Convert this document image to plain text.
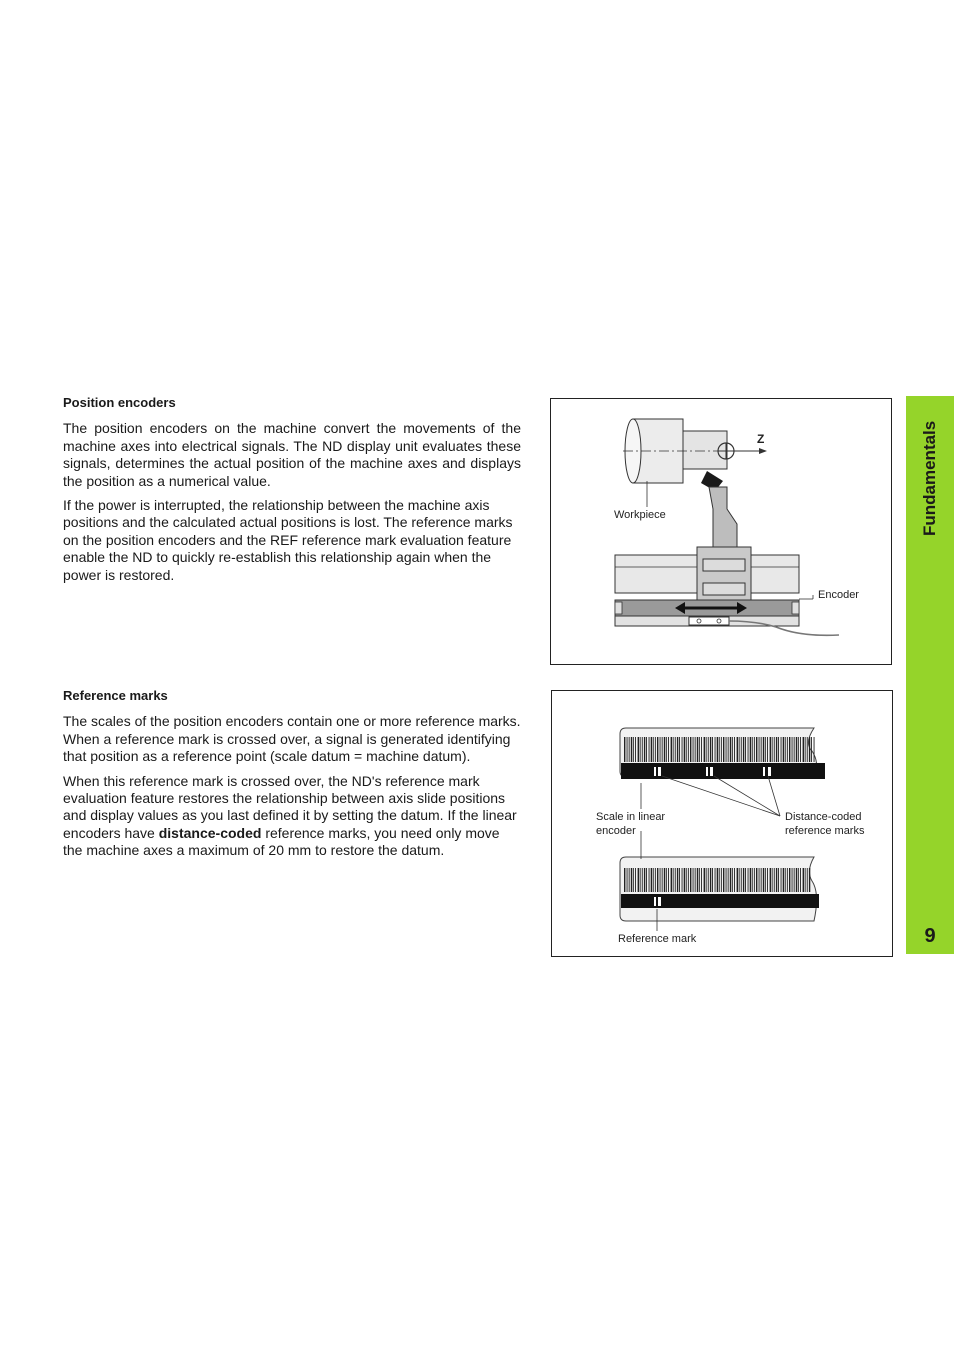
Position encoders

The position encoders on the machine convert the movements of the machine axes into electrical signals. The ND display unit evaluates these signals, determines the actual position of the machine axes and displays the position as a numerical value.

If the power is interrupted, the relationship between the machine axis positions and the calculated actual positions is lost. The reference marks on the position encoders and the REF reference mark evaluation feature enable the ND to quickly re-establish this relationship again when the power is restored.

Reference marks

The scales of the position encoders contain one or more reference marks. When a reference mark is crossed over, a signal is generated identifying that position as a reference point (scale datum = machine datum).

When this reference mark is crossed over, the ND's reference mark evaluation feature restores the relationship between axis slide positions and display values as you last defined it by setting the datum. If the linear encoders have distance-coded reference marks, you need only move the machine axes a maximum of 20 mm to restore the datum.

Z
Workpiece
Encoder
Scale in linear
encoder
Distance-coded
reference marks
Reference mark
Fundamentals
9
